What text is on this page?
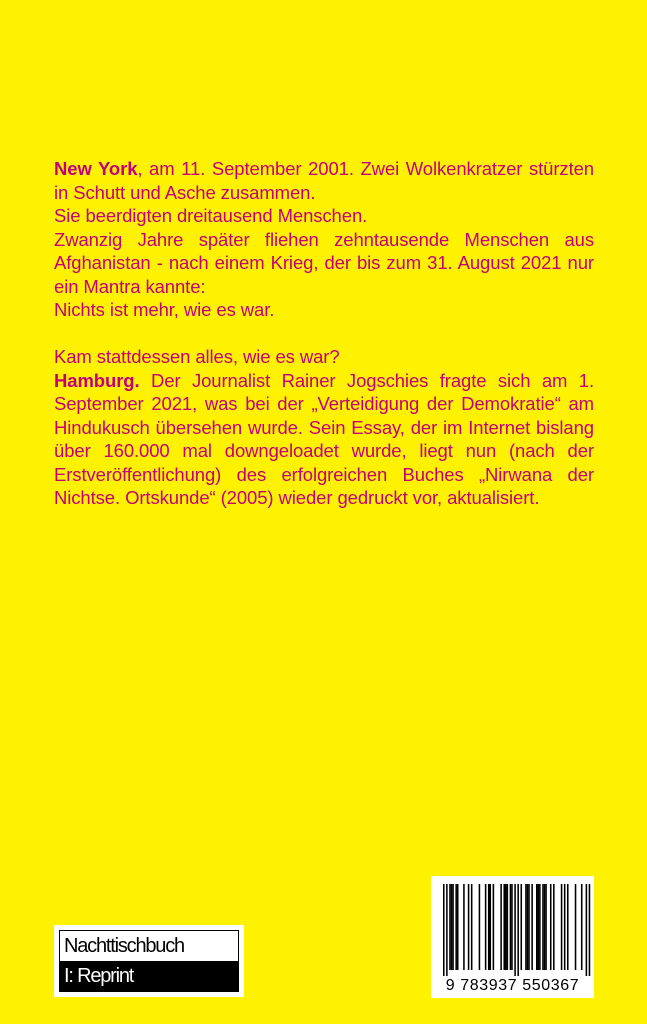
New York, am 11. September 2001. Zwei Wolkenkratzer stürzten in Schutt und Asche zusammen.

Sie beerdigten dreitausend Menschen.

Zwanzig Jahre später fliehen zehntausende Menschen aus Afghanistan - nach einem Krieg, der bis zum 31. August 2021 nur ein Mantra kannte:

Nichts ist mehr, wie es war.

Kam stattdessen alles, wie es war?

Hamburg. Der Journalist Rainer Jogschies fragte sich am 1. September 2021, was bei der „Verteidigung der Demokratie“ am Hindukusch übersehen wurde. Sein Essay, der im Internet bislang über 160.000 mal downgeloadet wurde, liegt nun (nach der Erstveröffentlichung) des erfolgreichen Buches „Nirwana der Nichtse. Ortskunde“ (2005) wieder gedruckt vor, aktualisiert.

Nachttischbuch
I: Reprint	9 783937 550367
